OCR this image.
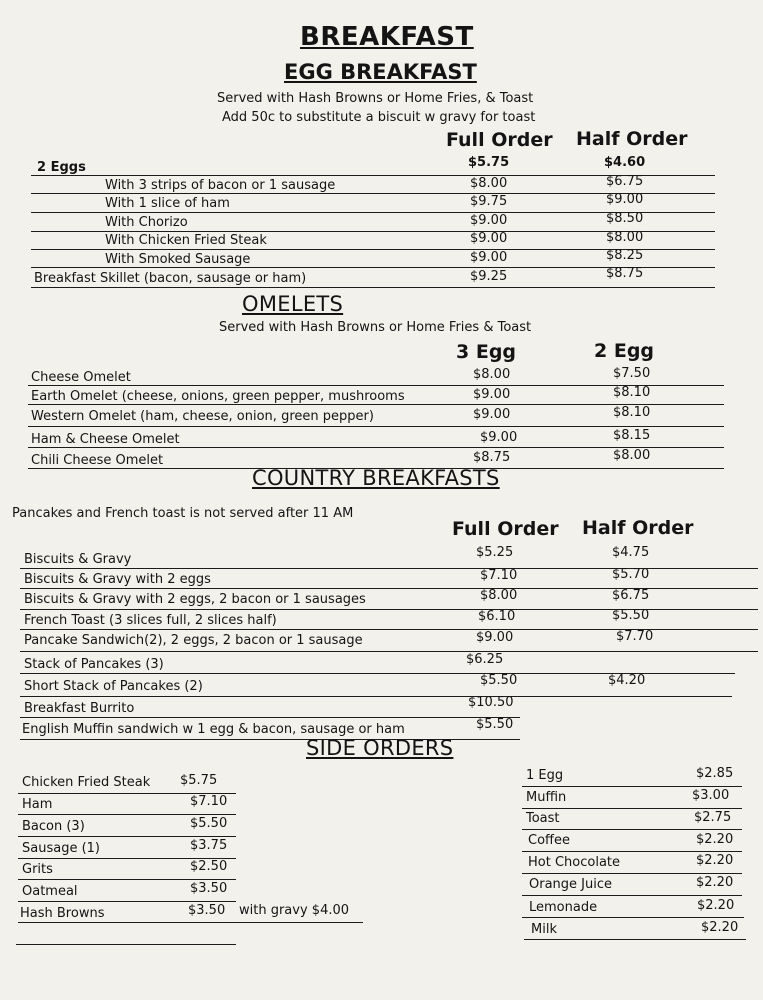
BREAKFAST
EGG BREAKFAST
Served with Hash Browns or Home Fries, & Toast
Add 50c to substitute a biscuit w gravy for toast
Full Order Half Order
2 Eggs	$5.75	$4.60
With 3 strips of bacon or 1 sausage	$8.00	$6.75
With 1 slice of ham	$9.75	$9.00
With Chorizo	$9.00	$8.50
With Chicken Fried Steak	$9.00	$8.00
With Smoked Sausage	$9.00	$8.25
Breakfast Skillet (bacon, sausage or ham)	$9.25	$8.75
OMELETS
Served with Hash Browns or Home Fries & Toast
3 Egg	2 Egg
Cheese Omelet	$8.00	$7.50
Earth Omelet (cheese, onions, green pepper, mushrooms	$9.00	$8.10
Western Omelet (ham, cheese, onion, green pepper)	$9.00	$8.10
Ham & Cheese Omelet	$9.00	$8.15
Chili Cheese Omelet	$8.75	$8.00
COUNTRY BREAKFASTS
Pancakes and French toast is not served after 11 AM
Full Order Half Order
Biscuits & Gravy	$5.25	$4.75
Biscuits & Gravy with 2 eggs	$7.10	$5.70
Biscuits & Gravy with 2 eggs, 2 bacon or 1 sausages	$8.00	$6.75
French Toast (3 slices full, 2 slices half)	$6.10	$5.50
Pancake Sandwich(2), 2 eggs, 2 bacon or 1 sausage	$9.00	$7.70
Stack of Pancakes (3)	$6.25
Short Stack of Pancakes (2)	$5.50	$4.20
Breakfast Burrito	$10.50
English Muffin sandwich w 1 egg & bacon, sausage or ham	$5.50
SIDE ORDERS
Chicken Fried Steak $5.75
Ham	$7.10
Bacon (3)	$5.50
Sausage (1)	$3.75
Grits	$2.50
Oatmeal	$3.50
Hash Browns	$3.50 with gravy $4.00
1 Egg	$2.85
Muffin	$3.00
Toast	$2.75
Coffee	$2.20
Hot Chocolate	$2.20
Orange Juice	$2.20
Lemonade	$2.20
Milk	$2.20
